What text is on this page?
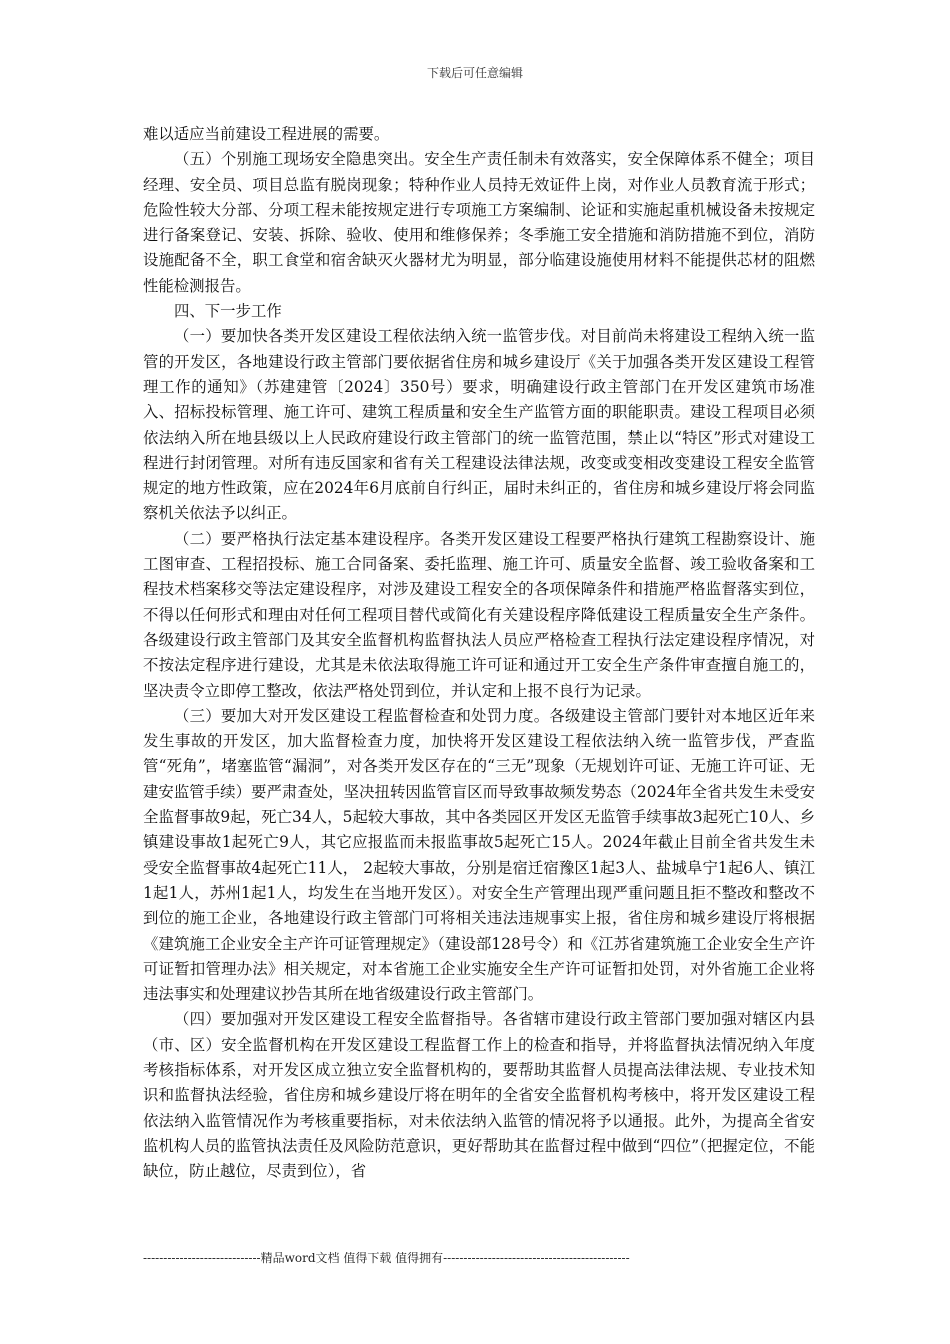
下载后可任意编辑

难以适应当前建设工程进展的需要。

（五）个别施工现场安全隐患突出。安全生产责任制未有效落实，安全保障体系不健全；项目经理、安全员、项目总监有脱岗现象；特种作业人员持无效证件上岗，对作业人员教育流于形式；危险性较大分部、分项工程未能按规定进行专项施工方案编制、论证和实施起重机械设备未按规定进行备案登记、安装、拆除、验收、使用和维修保养；冬季施工安全措施和消防措施不到位，消防设施配备不全，职工食堂和宿舍缺灭火器材尤为明显，部分临建设施使用材料不能提供芯材的阻燃性能检测报告。

四、下一步工作

（一）要加快各类开发区建设工程依法纳入统一监管步伐。对目前尚未将建设工程纳入统一监管的开发区，各地建设行政主管部门要依据省住房和城乡建设厅《关于加强各类开发区建设工程管理工作的通知》（苏建建管〔2024〕350号）要求，明确建设行政主管部门在开发区建筑市场准入、招标投标管理、施工许可、建筑工程质量和安全生产监管方面的职能职责。建设工程项目必须依法纳入所在地县级以上人民政府建设行政主管部门的统一监管范围，禁止以“特区”形式对建设工程进行封闭管理。对所有违反国家和省有关工程建设法律法规，改变或变相改变建设工程安全监管规定的地方性政策，应在2024年6月底前自行纠正，届时未纠正的，省住房和城乡建设厅将会同监察机关依法予以纠正。

（二）要严格执行法定基本建设程序。各类开发区建设工程要严格执行建筑工程勘察设计、施工图审查、工程招投标、施工合同备案、委托监理、施工许可、质量安全监督、竣工验收备案和工程技术档案移交等法定建设程序，对涉及建设工程安全的各项保障条件和措施严格监督落实到位，不得以任何形式和理由对任何工程项目替代或简化有关建设程序降低建设工程质量安全生产条件。各级建设行政主管部门及其安全监督机构监督执法人员应严格检查工程执行法定建设程序情况，对不按法定程序进行建设，尤其是未依法取得施工许可证和通过开工安全生产条件审查擅自施工的，坚决责令立即停工整改，依法严格处罚到位，并认定和上报不良行为记录。

（三）要加大对开发区建设工程监督检查和处罚力度。各级建设主管部门要针对本地区近年来发生事故的开发区，加大监督检查力度，加快将开发区建设工程依法纳入统一监管步伐，严查监管“死角”，堵塞监管“漏洞”，对各类开发区存在的“三无”现象（无规划许可证、无施工许可证、无建安监管手续）要严肃查处，坚决扭转因监管盲区而导致事故频发势态（2024年全省共发生未受安全监督事故9起，死亡34人，5起较大事故，其中各类园区开发区无监管手续事故3起死亡10人、乡镇建设事故1起死亡9人，其它应报监而未报监事故5起死亡15人。2024年截止目前全省共发生未受安全监督事故4起死亡11人， 2起较大事故，分别是宿迁宿豫区1起3人、盐城阜宁1起6人、镇江1起1人，苏州1起1人，均发生在当地开发区）。对安全生产管理出现严重问题且拒不整改和整改不到位的施工企业，各地建设行政主管部门可将相关违法违规事实上报，省住房和城乡建设厅将根据《建筑施工企业安全主产许可证管理规定》（建设部128号令）和《江苏省建筑施工企业安全生产许可证暂扣管理办法》相关规定，对本省施工企业实施安全生产许可证暂扣处罚，对外省施工企业将违法事实和处理建议抄告其所在地省级建设行政主管部门。

（四）要加强对开发区建设工程安全监督指导。各省辖市建设行政主管部门要加强对辖区内县（市、区）安全监督机构在开发区建设工程监督工作上的检查和指导，并将监督执法情况纳入年度考核指标体系，对开发区成立独立安全监督机构的，要帮助其监督人员提高法律法规、专业技术知识和监督执法经验，省住房和城乡建设厅将在明年的全省安全监督机构考核中，将开发区建设工程依法纳入监管情况作为考核重要指标，对未依法纳入监管的情况将予以通报。此外，为提高全省安监机构人员的监管执法责任及风险防范意识，更好帮助其在监督过程中做到“四位”（把握定位，不能缺位，防止越位，尽责到位），省

-----------------------------精品word文档 值得下载 值得拥有----------------------------------------------
